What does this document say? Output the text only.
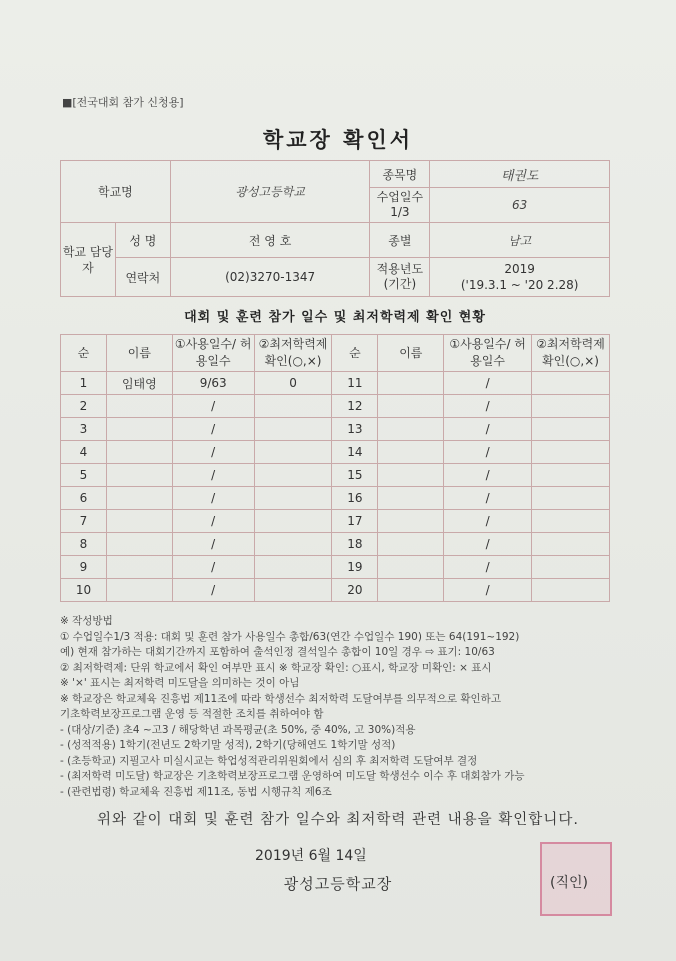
■[전국대회 참가 신청용]
학교장 확인서
학교명		광성고등학교	종목명	태권도
			수업일수 1/3	63
학교 담당자	성 명	전 영 호	종별	남고
	연락처	(02)3270-1347	적용년도 (기간)	2019
('19.3.1 ~ '20 2.28)
대회 및 훈련 참가 일수 및 최저학력제 확인 현황
순	이름	①사용일수/ 허용일수	②최저학력제 확인(○,×)	순	이름	①사용일수/ 허용일수	②최저학력제 확인(○,×)
1	임태영	9/63	0	11		/	
2		/		12		/	
3		/		13		/	
4		/		14		/	
5		/		15		/	
6		/		16		/	
7		/		17		/	
8		/		18		/	
9		/		19		/	
10		/		20		/	
※ 작성방법
① 수업일수1/3 적용: 대회 및 훈련 참가 사용일수 총합/63(연간 수업일수 190) 또는 64(191~192)
예) 현재 참가하는 대회기간까지 포함하여 출석인정 결석일수 총합이 10일 경우 ⇨ 표기: 10/63
② 최저학력제: 단위 학교에서 확인 여부만 표시 ※ 학교장 확인: ○표시, 학교장 미확인: × 표시
※ '×' 표시는 최저학력 미도달을 의미하는 것이 아님
※ 학교장은 학교체육 진흥법 제11조에 따라 학생선수 최저학력 도달여부를 의무적으로 확인하고
기초학력보장프로그램 운영 등 적절한 조치를 취하여야 함
- (대상/기준) 초4 ~고3 / 해당학년 과목평균(초 50%, 중 40%, 고 30%)적용
- (성적적용) 1학기(전년도 2학기말 성적), 2학기(당해연도 1학기말 성적)
- (초등학교) 지필고사 미실시교는 학업성적관리위원회에서 심의 후 최저학력 도달여부 결정
- (최저학력 미도달) 학교장은 기초학력보장프로그램 운영하여 미도달 학생선수 이수 후 대회참가 가능
- (관련법령) 학교체육 진흥법 제11조, 동법 시행규칙 제6조
위와 같이 대회 및 훈련 참가 일수와 최저학력 관련 내용을 확인합니다.
2019년 6월 14일
광성고등학교장	(직인)
